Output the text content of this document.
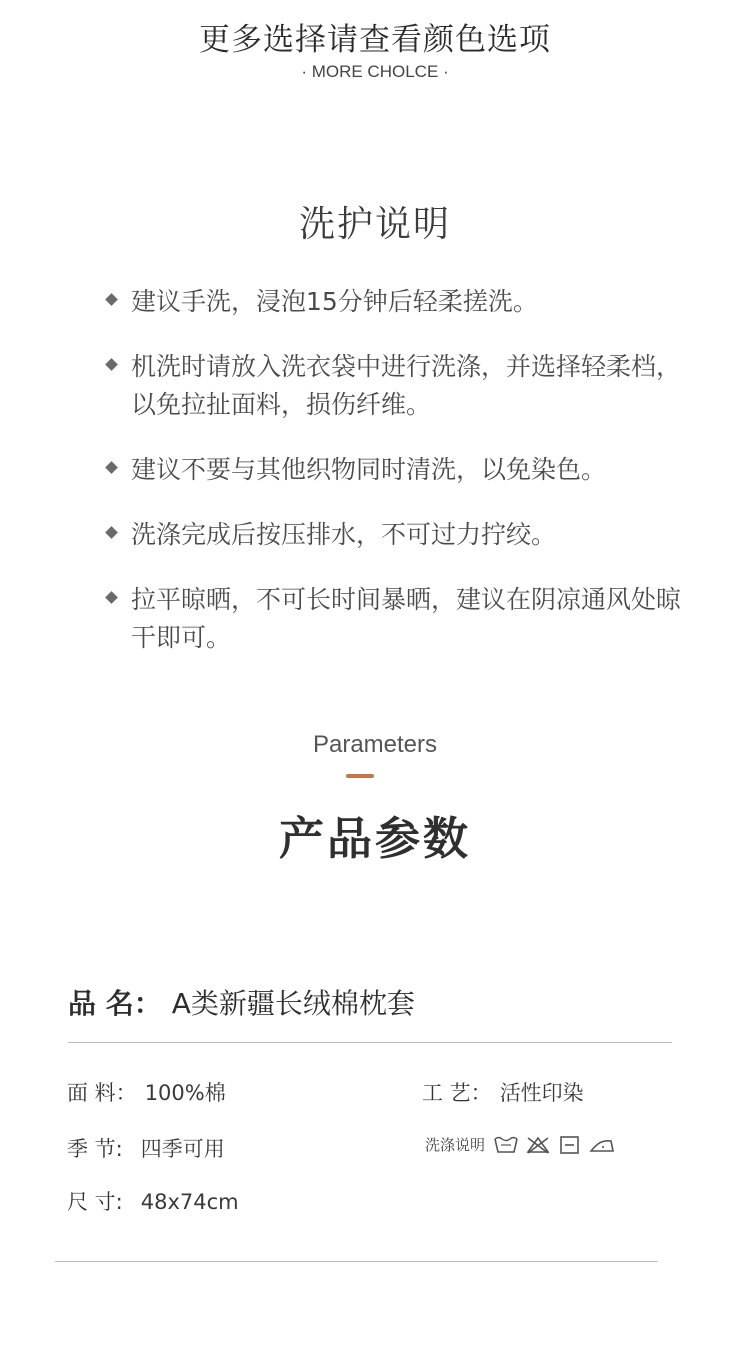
更多选择请查看颜色选项
· MORE CHOLCE ·
洗护说明
建议手洗，浸泡15分钟后轻柔搓洗。
机洗时请放入洗衣袋中进行洗涤，并选择轻柔档，以免拉扯面料，损伤纤维。
建议不要与其他织物同时清洗，以免染色。
洗涤完成后按压排水，不可过力拧绞。
拉平晾晒，不可长时间暴晒，建议在阴凉通风处晾干即可。
Parameters
产品参数
品 名： A类新疆长绒棉枕套
面 料： 100%棉	工 艺： 活性印染
季 节: 四季可用
尺 寸: 48x74cm
洗涤说明
